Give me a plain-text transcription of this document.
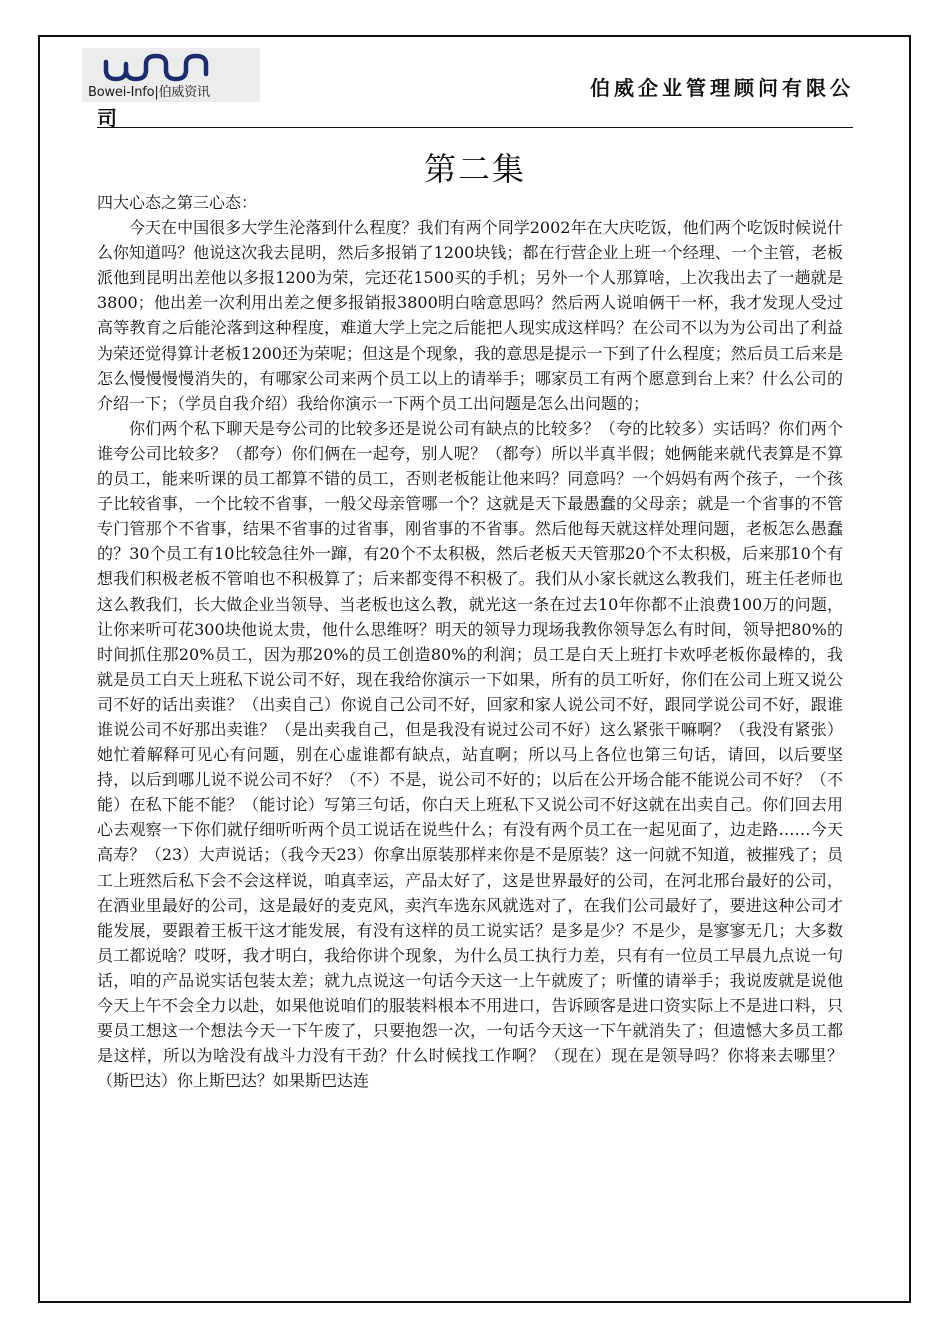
Bowei-Info|伯威资讯	伯威企业管理顾问有限公
司
第二集

四大心态之第三心态：

今天在中国很多大学生沦落到什么程度？我们有两个同学2002年在大庆吃饭，他们两个吃饭时候说什么你知道吗？他说这次我去昆明，然后多报销了1200块钱；都在行营企业上班一个经理、一个主管，老板派他到昆明出差他以多报1200为荣，完还花1500买的手机；另外一个人那算啥，上次我出去了一趟就是3800；他出差一次利用出差之便多报销报3800明白啥意思吗？然后两人说咱俩干一杯，我才发现人受过高等教育之后能沦落到这种程度，难道大学上完之后能把人现实成这样吗？在公司不以为为公司出了利益为荣还觉得算计老板1200还为荣呢；但这是个现象，我的意思是提示一下到了什么程度；然后员工后来是怎么慢慢慢慢消失的，有哪家公司来两个员工以上的请举手；哪家员工有两个愿意到台上来？什么公司的介绍一下；（学员自我介绍）我给你演示一下两个员工出问题是怎么出问题的；

你们两个私下聊天是夸公司的比较多还是说公司有缺点的比较多？（夸的比较多）实话吗？你们两个谁夸公司比较多？（都夸）你们俩在一起夸，别人呢？（都夸）所以半真半假；她俩能来就代表算是不算的员工，能来听课的员工都算不错的员工，否则老板能让他来吗？同意吗？一个妈妈有两个孩子，一个孩子比较省事，一个比较不省事，一般父母亲管哪一个？这就是天下最愚蠢的父母亲；就是一个省事的不管专门管那个不省事，结果不省事的过省事，刚省事的不省事。然后他每天就这样处理问题，老板怎么愚蠢的？30个员工有10比较急往外一蹿，有20个不太积极，然后老板天天管那20个不太积极，后来那10个有想我们积极老板不管咱也不积极算了；后来都变得不积极了。我们从小家长就这么教我们，班主任老师也这么教我们，长大做企业当领导、当老板也这么教，就光这一条在过去10年你都不止浪费100万的问题，让你来听可花300块他说太贵，他什么思维呀？明天的领导力现场我教你领导怎么有时间，领导把80%的时间抓住那20%员工，因为那20%的员工创造80%的利润；员工是白天上班打卡欢呼老板你最棒的，我就是员工白天上班私下说公司不好，现在我给你演示一下如果，所有的员工听好，你们在公司上班又说公司不好的话出卖谁？（出卖自己）你说自己公司不好，回家和家人说公司不好，跟同学说公司不好，跟谁谁说公司不好那出卖谁？（是出卖我自己，但是我没有说过公司不好）这么紧张干嘛啊？（我没有紧张）她忙着解释可见心有问题，别在心虚谁都有缺点，站直啊；所以马上各位也第三句话，请回，以后要坚持，以后到哪儿说不说公司不好？（不）不是，说公司不好的；以后在公开场合能不能说公司不好？（不能）在私下能不能？（能讨论）写第三句话，你白天上班私下又说公司不好这就在出卖自己。你们回去用心去观察一下你们就仔细听听两个员工说话在说些什么；有没有两个员工在一起见面了，边走路……今天高寿？（23）大声说话；（我今天23）你拿出原装那样来你是不是原装？这一问就不知道，被摧残了；员工上班然后私下会不会这样说，咱真幸运，产品太好了，这是世界最好的公司，在河北邢台最好的公司，在酒业里最好的公司，这是最好的麦克风，卖汽车选东风就选对了，在我们公司最好了，要进这种公司才能发展，要跟着王板干这才能发展，有没有这样的员工说实话？是多是少？不是少，是寥寥无几；大多数员工都说啥？哎呀，我才明白，我给你讲个现象，为什么员工执行力差，只有有一位员工早晨九点说一句话，咱的产品说实话包装太差；就九点说这一句话今天这一上午就废了；听懂的请举手；我说废就是说他今天上午不会全力以赴，如果他说咱们的服装料根本不用进口，告诉顾客是进口资实际上不是进口料，只要员工想这一个想法今天一下午废了，只要抱怨一次，一句话今天这一下午就消失了；但遗憾大多员工都是这样，所以为啥没有战斗力没有干劲？什么时候找工作啊？（现在）现在是领导吗？你将来去哪里？（斯巴达）你上斯巴达？如果斯巴达连
